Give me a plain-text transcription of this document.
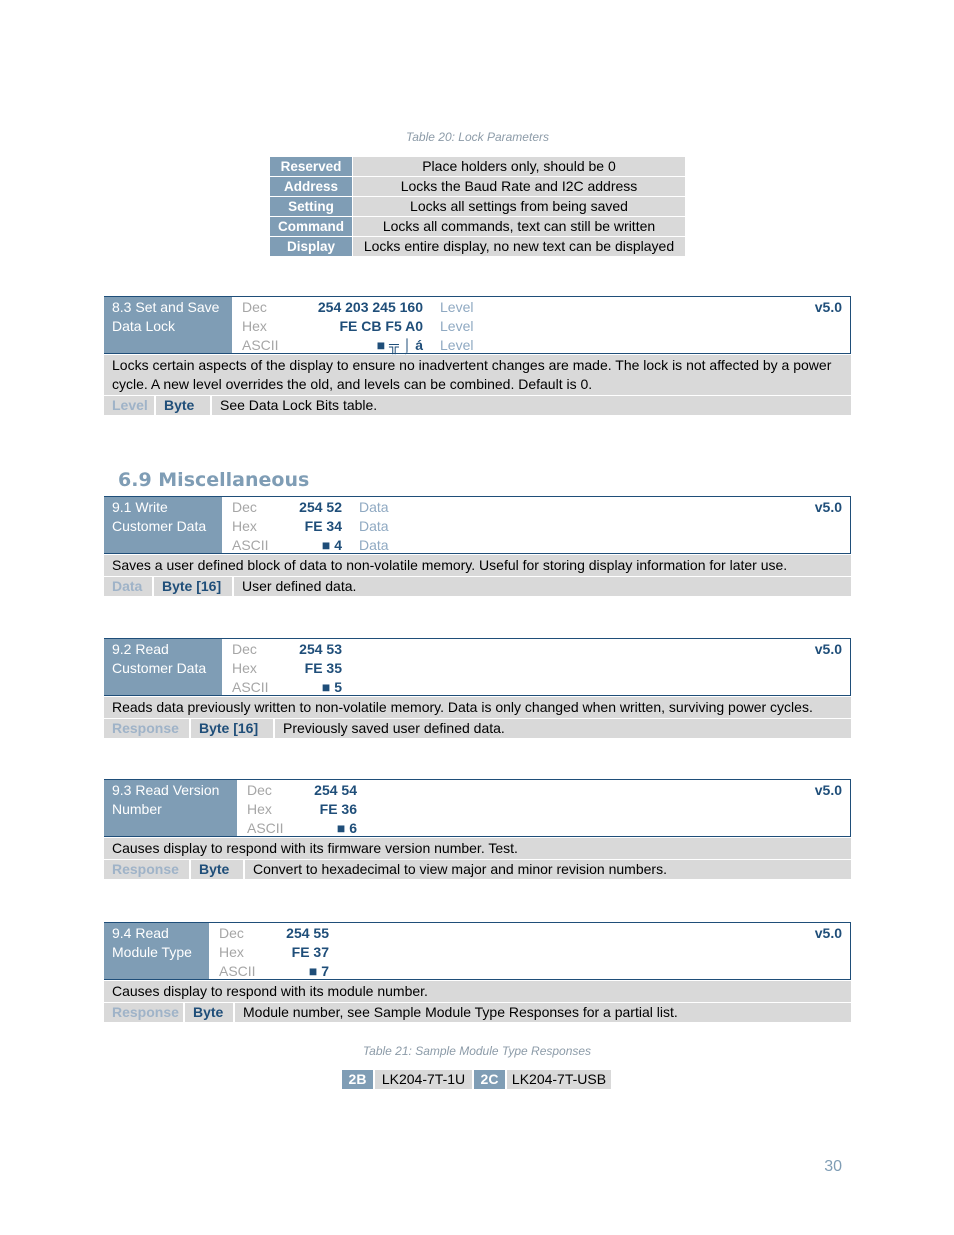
Table 20: Lock Parameters
Reserved	Place holders only, should be 0
Address	Locks the Baud Rate and I2C address
Setting	Locks all settings from being saved
Command	Locks all commands, text can still be written
Display	Locks entire display, no new text can be displayed
8.3 Set and Save
Data Lock
Dec	254 203 245 160 Level
Hex	FE CB F5 A0 Level
ASCII	■ ╦ ⌡ á Level
v5.0
Locks certain aspects of the display to ensure no inadvertent changes are made. The lock is not affected by a power cycle. A new level overrides the old, and levels can be combined. Default is 0.
Level	Byte	See Data Lock Bits table.
6.9 Miscellaneous
9.1 Write
Customer Data
Dec	254 52 Data
Hex	FE 34 Data
ASCII	■ 4 Data
v5.0
Saves a user defined block of data to non-volatile memory. Useful for storing display information for later use.
Data	Byte [16]	User defined data.
9.2 Read
Customer Data
Dec	254 53
Hex	FE 35
ASCII	■ 5
v5.0
Reads data previously written to non-volatile memory. Data is only changed when written, surviving power cycles.
Response	Byte [16]	Previously saved user defined data.
9.3 Read Version
Number
Dec	254 54
Hex	FE 36
ASCII	■ 6
v5.0
Causes display to respond with its firmware version number. Test.
Response	Byte	Convert to hexadecimal to view major and minor revision numbers.
9.4 Read
Module Type
Dec	254 55
Hex	FE 37
ASCII	■ 7
v5.0
Causes display to respond with its module number.
Response	Byte	Module number, see Sample Module Type Responses for a partial list.
Table 21: Sample Module Type Responses
2B	LK204-7T-1U	2C LK204-7T-USB
30
